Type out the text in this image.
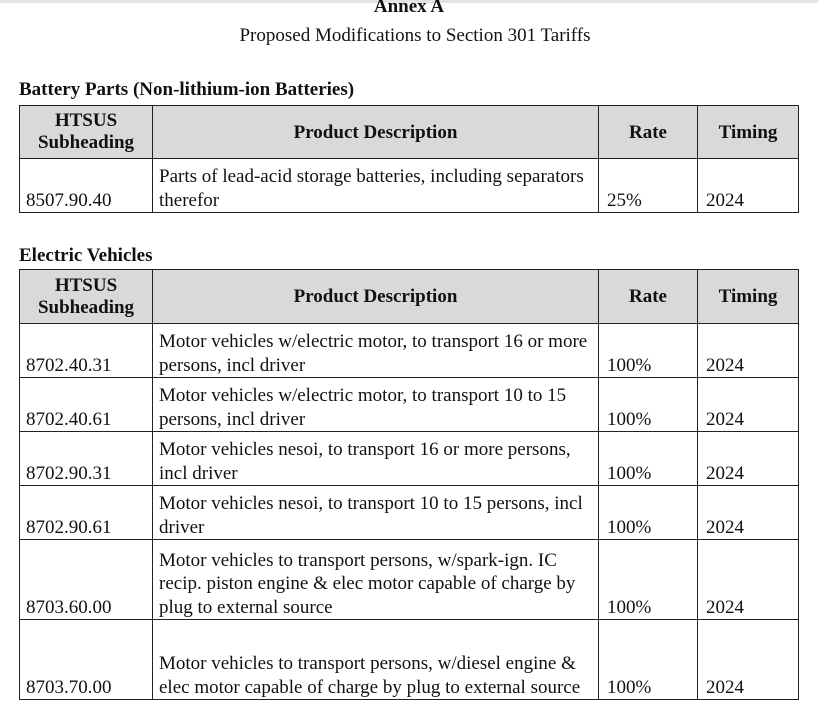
Annex A
Proposed Modifications to Section 301 Tariffs
Battery Parts (Non-lithium-ion Batteries)
HTSUS
Subheading	Product Description	Rate	Timing
8507.90.40	Parts of lead-acid storage batteries, including separators therefor	25%	2024
Electric Vehicles
HTSUS
Subheading	Product Description	Rate	Timing
8702.40.31	Motor vehicles w/electric motor, to transport 16 or more persons, incl driver	100%	2024
8702.40.61	Motor vehicles w/electric motor, to transport 10 to 15 persons, incl driver	100%	2024
8702.90.31	Motor vehicles nesoi, to transport 16 or more persons, incl driver	100%	2024
8702.90.61	Motor vehicles nesoi, to transport 10 to 15 persons, incl driver	100%	2024
8703.60.00	Motor vehicles to transport persons, w/spark-ign. IC recip. piston engine & elec motor capable of charge by plug to external source	100%	2024
8703.70.00	Motor vehicles to transport persons, w/diesel engine & elec motor capable of charge by plug to external source	100%	2024
